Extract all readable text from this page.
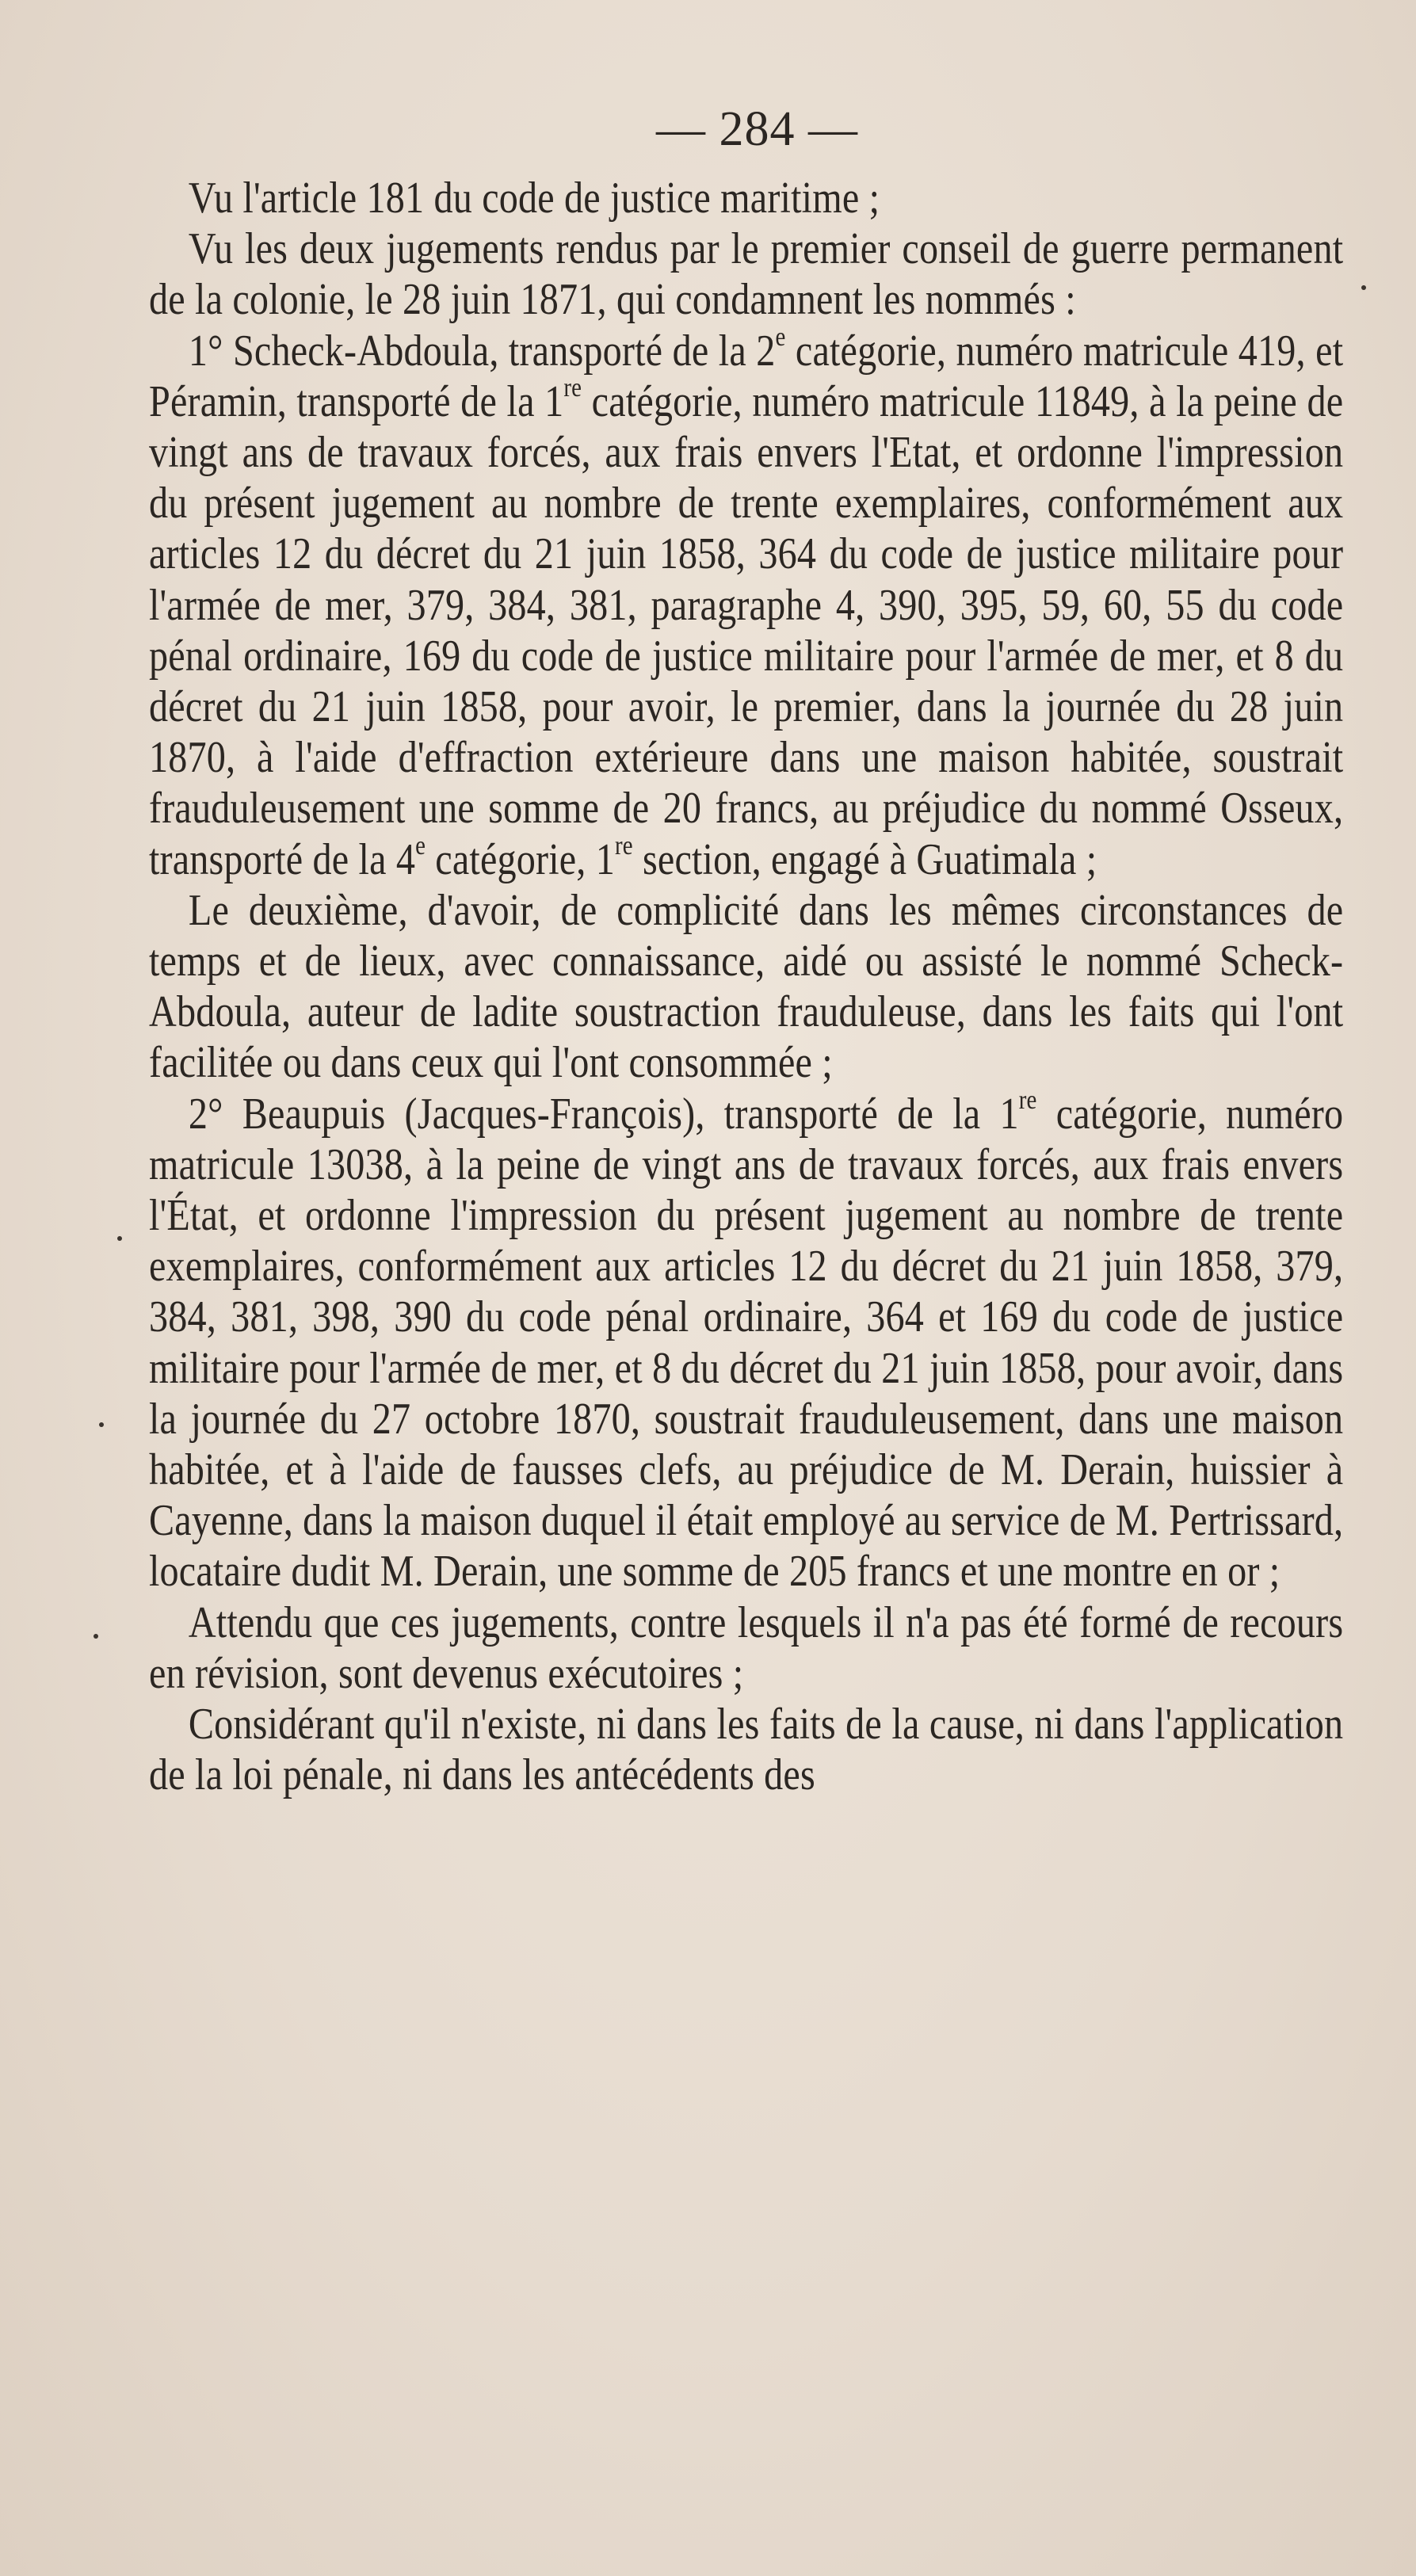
— 284 —

Vu l'article 181 du code de justice maritime ;

Vu les deux jugements rendus par le premier conseil de guerre permanent de la colonie, le 28 juin 1871, qui condamnent les nommés :

1° Scheck-Abdoula, transporté de la 2e catégorie, numéro matricule 419, et Péramin, transporté de la 1re catégorie, numéro matricule 11849, à la peine de vingt ans de travaux forcés, aux frais envers l'Etat, et ordonne l'impression du présent jugement au nombre de trente exemplaires, conformément aux articles 12 du décret du 21 juin 1858, 364 du code de justice militaire pour l'armée de mer, 379, 384, 381, paragraphe 4, 390, 395, 59, 60, 55 du code pénal ordinaire, 169 du code de justice militaire pour l'armée de mer, et 8 du décret du 21 juin 1858, pour avoir, le premier, dans la journée du 28 juin 1870, à l'aide d'effraction extérieure dans une maison habitée, soustrait frauduleusement une somme de 20 francs, au préjudice du nommé Osseux, transporté de la 4e catégorie, 1re section, engagé à Guatimala ;

Le deuxième, d'avoir, de complicité dans les mêmes circonstances de temps et de lieux, avec connaissance, aidé ou assisté le nommé Scheck-Abdoula, auteur de ladite soustraction frauduleuse, dans les faits qui l'ont facilitée ou dans ceux qui l'ont consommée ;

2° Beaupuis (Jacques-François), transporté de la 1re catégorie, numéro matricule 13038, à la peine de vingt ans de travaux forcés, aux frais envers l'État, et ordonne l'impression du présent jugement au nombre de trente exemplaires, conformément aux articles 12 du décret du 21 juin 1858, 379, 384, 381, 398, 390 du code pénal ordinaire, 364 et 169 du code de justice militaire pour l'armée de mer, et 8 du décret du 21 juin 1858, pour avoir, dans la journée du 27 octobre 1870, soustrait frauduleusement, dans une maison habitée, et à l'aide de fausses clefs, au préjudice de M. Derain, huissier à Cayenne, dans la maison duquel il était employé au service de M. Pertrissard, locataire dudit M. Derain, une somme de 205 francs et une montre en or ;

Attendu que ces jugements, contre lesquels il n'a pas été formé de recours en révision, sont devenus exécutoires ;

Considérant qu'il n'existe, ni dans les faits de la cause, ni dans l'application de la loi pénale, ni dans les antécédents des
